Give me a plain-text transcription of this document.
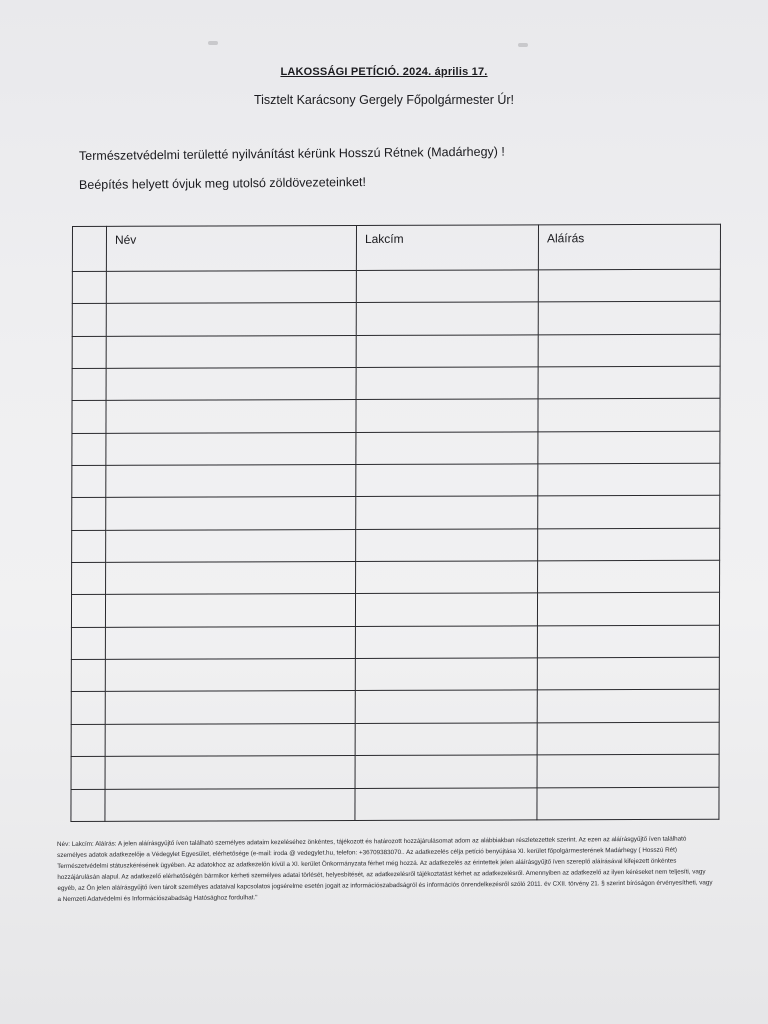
LAKOSSÁGI PETÍCIÓ. 2024. április 17.
Tisztelt Karácsony Gergely Főpolgármester Úr!
Természetvédelmi területté nyilvánítást kérünk Hosszú Rétnek (Madárhegy) !
Beépítés helyett óvjuk meg utolsó zöldövezeteinket!
	Név	Lakcím	Aláírás

Név: Lakcím: Aláírás: A jelen aláírásgyűjtő íven található személyes adataim kezeléséhez önkéntes, tájékozott és határozott hozzájárulásomat adom az alábbiakban részletezettek szerint. Az ezen az aláírásgyűjtő íven található személyes adatok adatkezelője a Védegylet Egyesület, elérhetősége (e-mail: iroda @ vedegylet.hu, telefon: +36709383070.. Az adatkezelés célja petíció benyújtása XI. kerület főpolgármesterének Madárhegy ( Hosszú Rét) Természetvédelmi státuszkérésének ügyében. Az adatokhoz az adatkezelőn kívül a XI. kerület Önkormányzata férhet még hozzá. Az adatkezelés az érintettek jelen aláírásgyűjtő íven szereplő aláírásával kifejezett önkéntes hozzájárulásán alapul. Az adatkezelő elérhetőségén bármikor kérheti személyes adatai törlését, helyesbítését, az adatkezelésről tájékoztatást kérhet az adatkezelésről. Amennyiben az adatkezelő az ilyen kéréseket nem teljesíti, vagy egyéb, az Ön jelen aláírásgyűjtő íven tárolt személyes adataival kapcsolatos jogsérelme esetén jogait az információszabadságról és információs önrendelkezésről szóló 2011. év CXII. törvény 21. § szerint bíróságon érvényesítheti, vagy a Nemzeti Adatvédelmi és Információszabadság Hatósághoz fordulhat."
